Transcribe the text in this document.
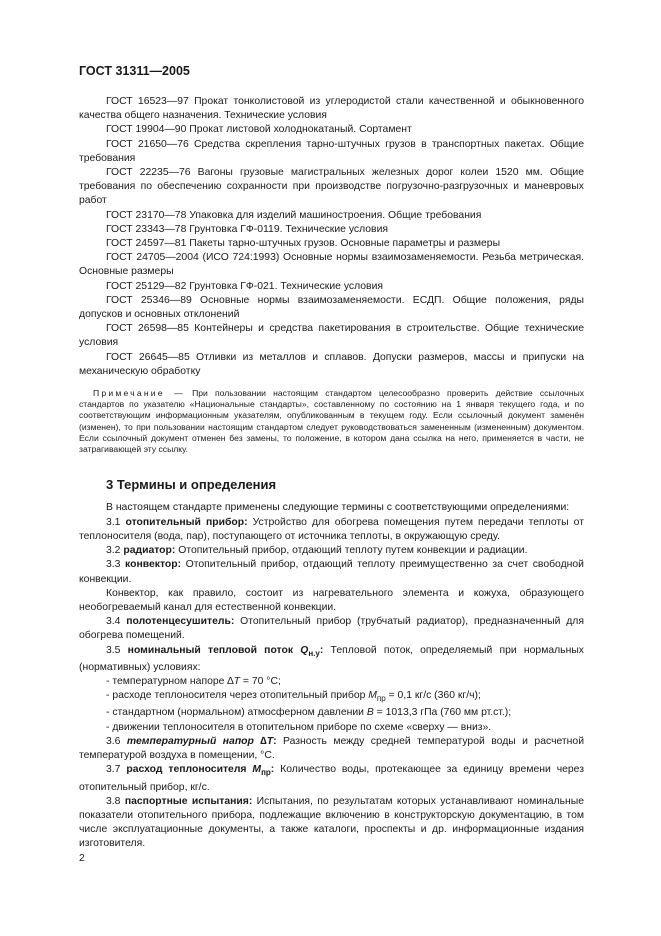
ГОСТ 31311—2005

ГОСТ 16523—97 Прокат тонколистовой из углеродистой стали качественной и обыкновенного качества общего назначения. Технические условия

ГОСТ 19904—90 Прокат листовой холоднокатаный. Сортамент

ГОСТ 21650—76 Средства скрепления тарно-штучных грузов в транспортных пакетах. Общие требования

ГОСТ 22235—76 Вагоны грузовые магистральных железных дорог колеи 1520 мм. Общие требования по обеспечению сохранности при производстве погрузочно-разгрузочных и маневровых работ

ГОСТ 23170—78 Упаковка для изделий машиностроения. Общие требования

ГОСТ 23343—78 Грунтовка ГФ-0119. Технические условия

ГОСТ 24597—81 Пакеты тарно-штучных грузов. Основные параметры и размеры

ГОСТ 24705—2004 (ИСО 724:1993) Основные нормы взаимозаменяемости. Резьба метрическая. Основные размеры

ГОСТ 25129—82 Грунтовка ГФ-021. Технические условия

ГОСТ 25346—89 Основные нормы взаимозаменяемости. ЕСДП. Общие положения, ряды допусков и основных отклонений

ГОСТ 26598—85 Контейнеры и средства пакетирования в строительстве. Общие технические условия

ГОСТ 26645—85 Отливки из металлов и сплавов. Допуски размеров, массы и припуски на механическую обработку

Примечание — При пользовании настоящим стандартом целесообразно проверить действие ссылочных стандартов по указателю «Национальные стандарты», составленному по состоянию на 1 января текущего года, и по соответствующим информационным указателям, опубликованным в текущем году. Если ссылочный документ заменён (изменен), то при пользовании настоящим стандартом следует руководствоваться замененным (измененным) документом. Если ссылочный документ отменен без замены, то положение, в котором дана ссылка на него, применяется в части, не затрагивающей эту ссылку.

3 Термины и определения

В настоящем стандарте применены следующие термины с соответствующими определениями:

3.1 отопительный прибор: Устройство для обогрева помещения путем передачи теплоты от теплоносителя (вода, пар), поступающего от источника теплоты, в окружающую среду.

3.2 радиатор: Отопительный прибор, отдающий теплоту путем конвекции и радиации.

3.3 конвектор: Отопительный прибор, отдающий теплоту преимущественно за счет свободной конвекции.

Конвектор, как правило, состоит из нагревательного элемента и кожуха, образующего необогреваемый канал для естественной конвекции.

3.4 полотенцесушитель: Отопительный прибор (трубчатый радиатор), предназначенный для обогрева помещений.

3.5 номинальный тепловой поток $Q_{н.у}$: Тепловой поток, определяемый при нормальных (нормативных) условиях:

- температурном напоре ∆T = 70 °С;

- расходе теплоносителя через отопительный прибор $M_{пр} = 0,1$ кг/с (360 кг/ч);

- стандартном (нормальном) атмосферном давлении B = 1013,3 гПа (760 мм рт.ст.);

- движении теплоносителя в отопительном приборе по схеме «сверху — вниз».

3.6 температурный напор ∆T: Разность между средней температурой воды и расчетной температурой воздуха в помещении, °С.

3.7 расход теплоносителя $M_{пр}$: Количество воды, протекающее за единицу времени через отопительный прибор, кг/с.

3.8 паспортные испытания: Испытания, по результатам которых устанавливают номинальные показатели отопительного прибора, подлежащие включению в конструкторскую документацию, в том числе эксплуатационные документы, а также каталоги, проспекты и др. информационные издания изготовителя.

2
